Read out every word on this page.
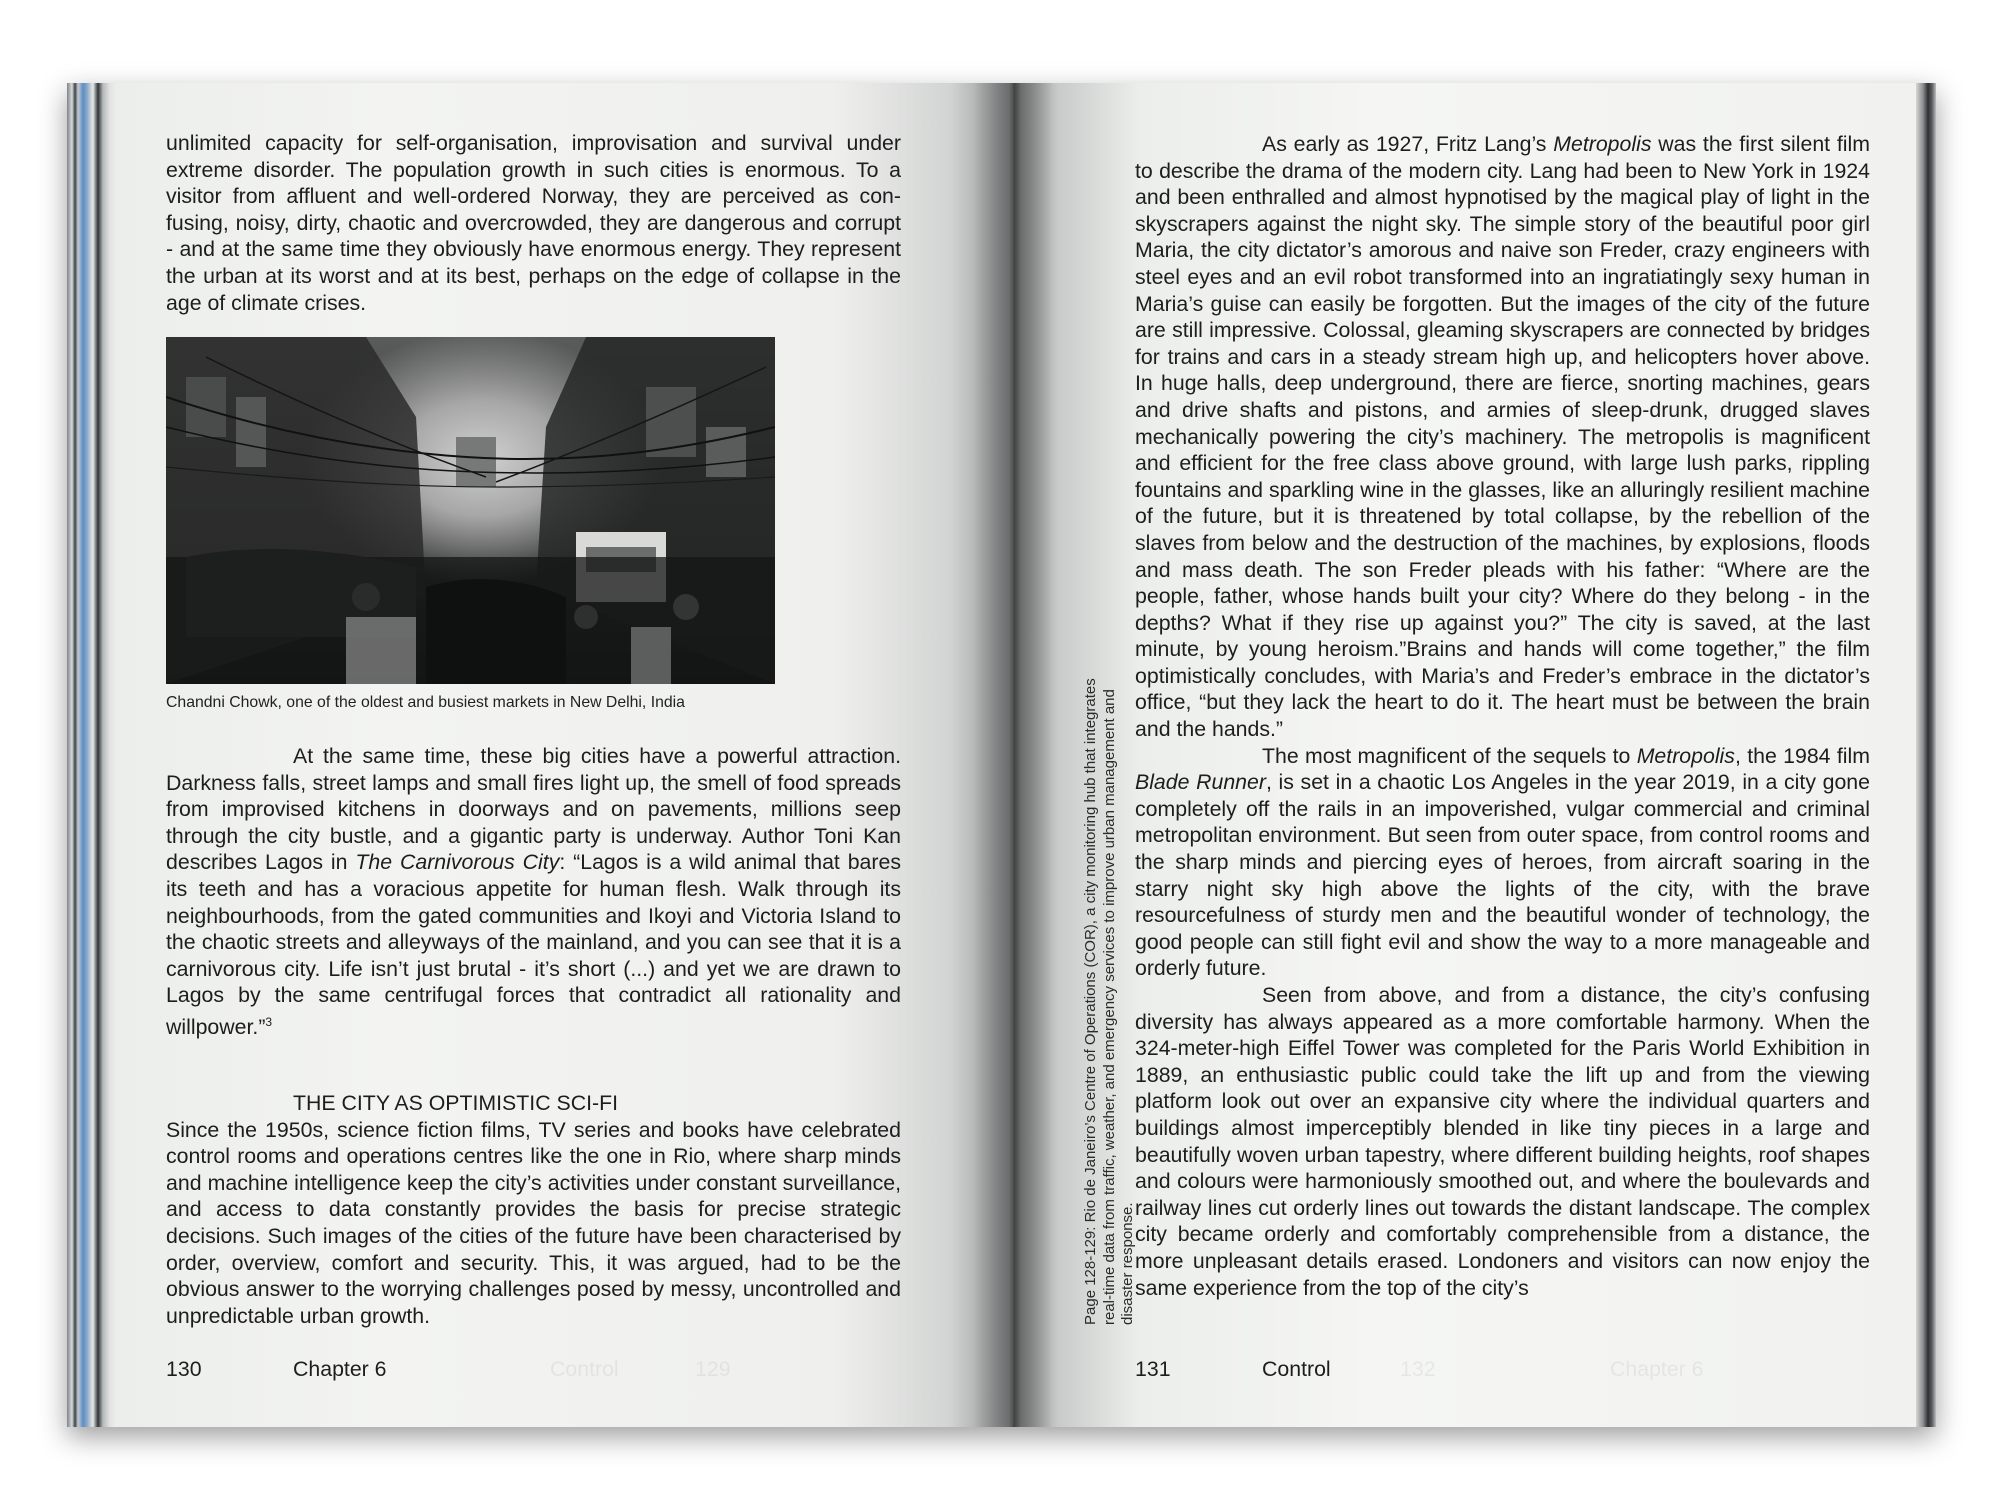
129
Control	132	Chapter 6

unlimited capacity for self-organisation, improvisation and survival under extreme disorder. The population growth in such cities is enormous. To a visitor from affluent and well-ordered Norway, they are perceived as confusing, noisy, dirty, chaotic and overcrowded, they are dangerous and corrupt - and at the same time they obviously have enormous energy. They represent the urban at its worst and at its best, perhaps on the edge of collapse in the age of climate crises.

Chandni Chowk, one of the oldest and busiest markets in New Delhi, India

At the same time, these big cities have a powerful attraction. Darkness falls, street lamps and small fires light up, the smell of food spreads from improvised kitchens in doorways and on pavements, millions seep through the city bustle, and a gigantic party is underway. Author Toni Kan describes Lagos in The Carnivorous City: “Lagos is a wild animal that bares its teeth and has a voracious appetite for human flesh. Walk through its neighbourhoods, from the gated communities and Ikoyi and Victoria Island to the chaotic streets and alleyways of the mainland, and you can see that it is a carnivorous city. Life isn’t just brutal - it’s short (...) and yet we are drawn to Lagos by the same centrifugal forces that contradict all rationality and willpower.”$^3$

THE CITY AS OPTIMISTIC SCI-FI

Since the 1950s, science fiction films, TV series and books have celebrated control rooms and operations centres like the one in Rio, where sharp minds and machine intelligence keep the city’s activities under constant surveillance, and access to data constantly provides the basis for precise strategic decisions. Such images of the cities of the future have been characterised by order, overview, comfort and security. This, it was argued, had to be the obvious answer to the worrying challenges posed by messy, uncontrolled and unpredictable urban growth.

130	Chapter 6
Page 128-129: Rio de Janeiro’s Centre of Operations (COR), a city monitoring hub that integrates real-time data from traffic, weather, and emergency services to improve urban management and disaster response.

As early as 1927, Fritz Lang’s Metropolis was the first silent film to describe the drama of the modern city. Lang had been to New York in 1924 and been enthralled and almost hypnotised by the magical play of light in the skyscrapers against the night sky. The simple story of the beautiful poor girl Maria, the city dictator’s amorous and naive son Freder, crazy engineers with steel eyes and an evil robot transformed into an ingratiatingly sexy human in Maria’s guise can easily be forgotten. But the images of the city of the future are still impressive. Colossal, gleaming skyscrapers are connected by bridges for trains and cars in a steady stream high up, and helicopters hover above. In huge halls, deep underground, there are fierce, snorting machines, gears and drive shafts and pistons, and armies of sleep-drunk, drugged slaves mechanically powering the city’s machinery. The metropolis is magnificent and efficient for the free class above ground, with large lush parks, rippling fountains and sparkling wine in the glasses, like an alluringly resilient machine of the future, but it is threatened by total collapse, by the rebellion of the slaves from below and the destruction of the machines, by explosions, floods and mass death. The son Freder pleads with his father: “Where are the people, father, whose hands built your city? Where do they belong - in the depths? What if they rise up against you?” The city is saved, at the last minute, by young heroism.”Brains and hands will come together,” the film optimistically concludes, with Maria’s and Freder’s embrace in the dictator’s office, “but they lack the heart to do it. The heart must be between the brain and the hands.”

The most magnificent of the sequels to Metropolis, the 1984 film Blade Runner, is set in a chaotic Los Angeles in the year 2019, in a city gone completely off the rails in an impoverished, vulgar commercial and criminal metropolitan environment. But seen from outer space, from control rooms and the sharp minds and piercing eyes of heroes, from aircraft soaring in the starry night sky high above the lights of the city, with the brave resourcefulness of sturdy men and the beautiful wonder of technology, the good people can still fight evil and show the way to a more manageable and orderly future.

Seen from above, and from a distance, the city’s confusing diversity has always appeared as a more comfortable harmony. When the 324-meter-high Eiffel Tower was completed for the Paris World Exhibition in 1889, an enthusiastic public could take the lift up and from the viewing platform look out over an expansive city where the individual quarters and buildings almost imperceptibly blended in like tiny pieces in a large and beautifully woven urban tapestry, where different building heights, roof shapes and colours were harmoniously smoothed out, and where the boulevards and railway lines cut orderly lines out towards the distant landscape. The complex city became orderly and comfortably comprehensible from a distance, the more unpleasant details erased. Londoners and visitors can now enjoy the same experience from the top of the city’s

131	Control
